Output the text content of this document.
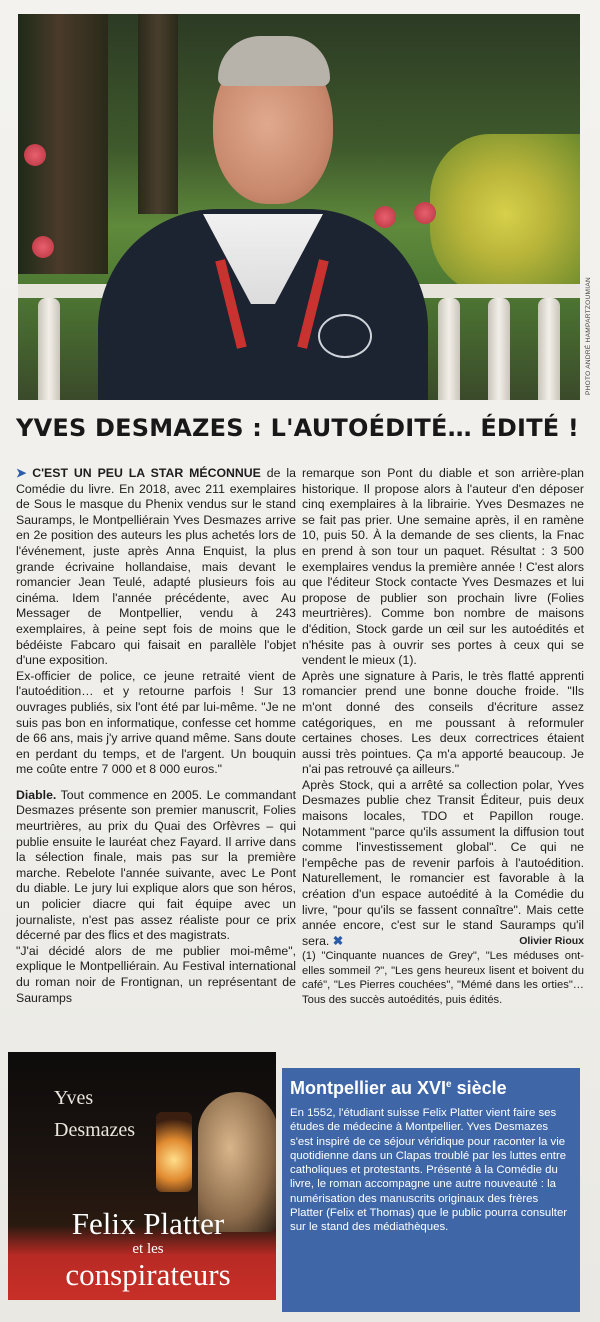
PHOTO ANDRÉ HAMPARTZOUMIAN
YVES DESMAZES : L'AUTOÉDITÉ… ÉDITÉ !

➤ C'EST UN PEU LA STAR MÉCONNUE de la Comédie du livre. En 2018, avec 211 exemplaires de Sous le masque du Phenix vendus sur le stand Sauramps, le Montpelliérain Yves Desmazes arrive en 2e position des auteurs les plus achetés lors de l'événement, juste après Anna Enquist, la plus grande écrivaine hollandaise, mais devant le romancier Jean Teulé, adapté plusieurs fois au cinéma. Idem l'année précédente, avec Au Messager de Montpellier, vendu à 243 exemplaires, à peine sept fois de moins que le bédéiste Fabcaro qui faisait en parallèle l'objet d'une exposition.

Ex-officier de police, ce jeune retraité vient de l'autoédition… et y retourne parfois ! Sur 13 ouvrages publiés, six l'ont été par lui-même. "Je ne suis pas bon en informatique, confesse cet homme de 66 ans, mais j'y arrive quand même. Sans doute en perdant du temps, et de l'argent. Un bouquin me coûte entre 7 000 et 8 000 euros."

Diable. Tout commence en 2005. Le commandant Desmazes présente son premier manuscrit, Folies meurtrières, au prix du Quai des Orfèvres – qui publie ensuite le lauréat chez Fayard. Il arrive dans la sélection finale, mais pas sur la première marche. Rebelote l'année suivante, avec Le Pont du diable. Le jury lui explique alors que son héros, un policier diacre qui fait équipe avec un journaliste, n'est pas assez réaliste pour ce prix décerné par des flics et des magistrats.

"J'ai décidé alors de me publier moi-même", explique le Montpelliérain. Au Festival international du roman noir de Frontignan, un représentant de Sauramps

remarque son Pont du diable et son arrière-plan historique. Il propose alors à l'auteur d'en déposer cinq exemplaires à la librairie. Yves Desmazes ne se fait pas prier. Une semaine après, il en ramène 10, puis 50. À la demande de ses clients, la Fnac en prend à son tour un paquet. Résultat : 3 500 exemplaires vendus la première année ! C'est alors que l'éditeur Stock contacte Yves Desmazes et lui propose de publier son prochain livre (Folies meurtrières). Comme bon nombre de maisons d'édition, Stock garde un œil sur les autoédités et n'hésite pas à ouvrir ses portes à ceux qui se vendent le mieux (1).

Après une signature à Paris, le très flatté apprenti romancier prend une bonne douche froide. "Ils m'ont donné des conseils d'écriture assez catégoriques, en me poussant à reformuler certaines choses. Les deux correctrices étaient aussi très pointues. Ça m'a apporté beaucoup. Je n'ai pas retrouvé ça ailleurs."

Après Stock, qui a arrêté sa collection polar, Yves Desmazes publie chez Transit Éditeur, puis deux maisons locales, TDO et Papillon rouge. Notamment "parce qu'ils assument la diffusion tout comme l'investissement global". Ce qui ne l'empêche pas de revenir parfois à l'autoédition. Naturellement, le romancier est favorable à la création d'un espace autoédité à la Comédie du livre, "pour qu'ils se fassent connaître". Mais cette année encore, c'est sur le stand Sauramps qu'il sera. ✖	Olivier Rioux

(1) "Cinquante nuances de Grey", "Les méduses ont-elles sommeil ?", "Les gens heureux lisent et boivent du café", "Les Pierres couchées", "Mémé dans les orties"… Tous des succès autoédités, puis édités.

Yves
Desmazes
Felix Platter
et les
conspirateurs
Montpellier au XVIe siècle
En 1552, l'étudiant suisse Felix Platter vient faire ses études de médecine à Montpellier. Yves Desmazes s'est inspiré de ce séjour véridique pour raconter la vie quotidienne dans un Clapas troublé par les luttes entre catholiques et protestants. Présenté à la Comédie du livre, le roman accompagne une autre nouveauté : la numérisation des manuscrits originaux des frères Platter (Felix et Thomas) que le public pourra consulter sur le stand des médiathèques.
